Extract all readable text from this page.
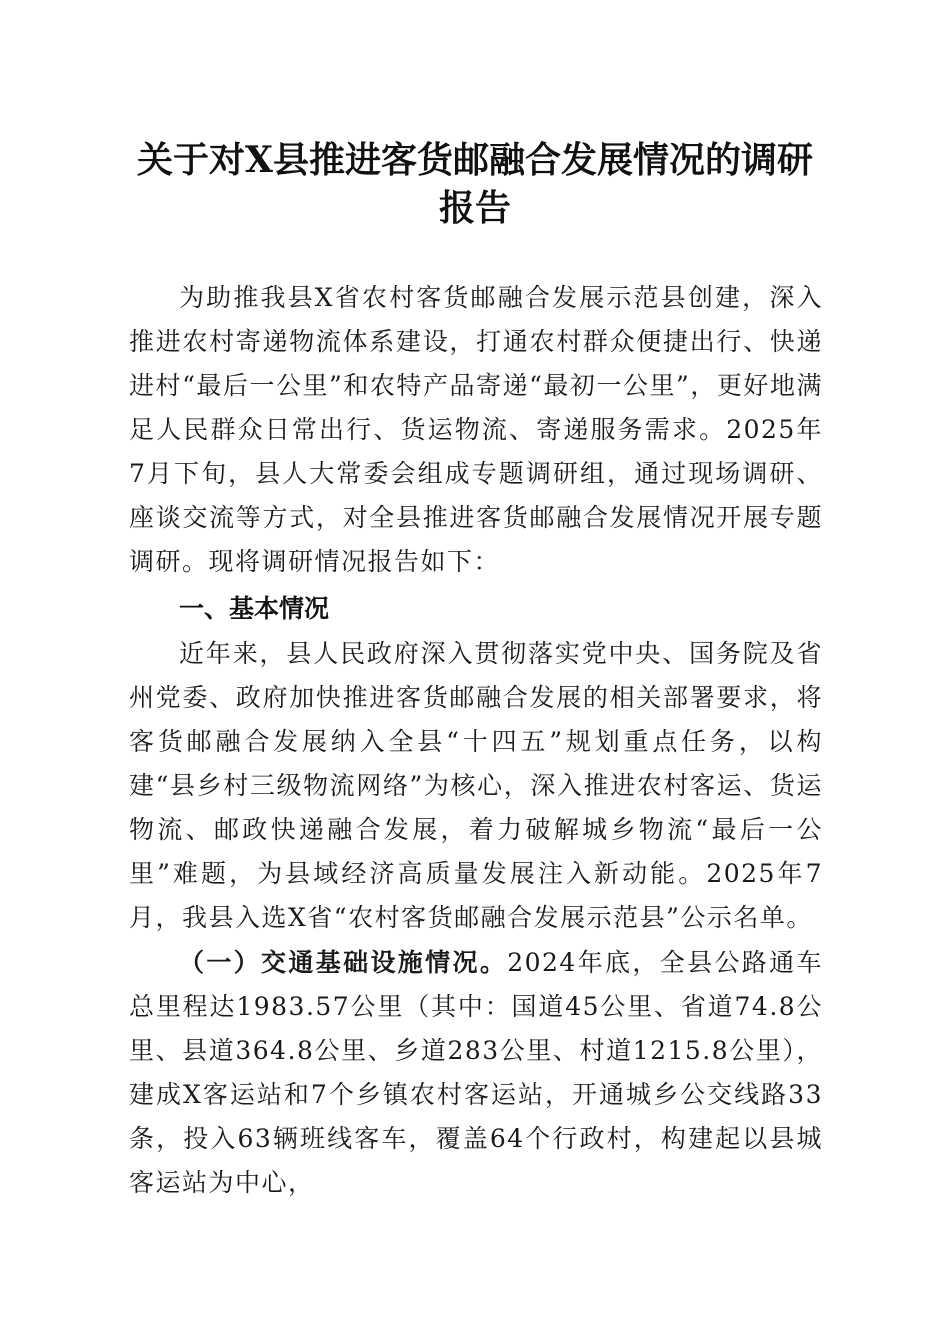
关于对X县推进客货邮融合发展情况的调研
报告

为助推我县X省农村客货邮融合发展示范县创建，深入推进农村寄递物流体系建设，打通农村群众便捷出行、快递进村“最后一公里”和农特产品寄递“最初一公里”，更好地满足人民群众日常出行、货运物流、寄递服务需求。2025年7月下旬，县人大常委会组成专题调研组，通过现场调研、座谈交流等方式，对全县推进客货邮融合发展情况开展专题调研。现将调研情况报告如下：

一、基本情况

近年来，县人民政府深入贯彻落实党中央、国务院及省州党委、政府加快推进客货邮融合发展的相关部署要求，将客货邮融合发展纳入全县“十四五”规划重点任务，以构建“县乡村三级物流网络”为核心，深入推进农村客运、货运物流、邮政快递融合发展，着力破解城乡物流“最后一公里”难题，为县域经济高质量发展注入新动能。2025年7月，我县入选X省“农村客货邮融合发展示范县”公示名单。

（一）交通基础设施情况。2024年底，全县公路通车总里程达1983.57公里（其中：国道45公里、省道74.8公里、县道364.8公里、乡道283公里、村道1215.8公里），建成X客运站和7个乡镇农村客运站，开通城乡公交线路33条，投入63辆班线客车，覆盖64个行政村，构建起以县城客运站为中心，
